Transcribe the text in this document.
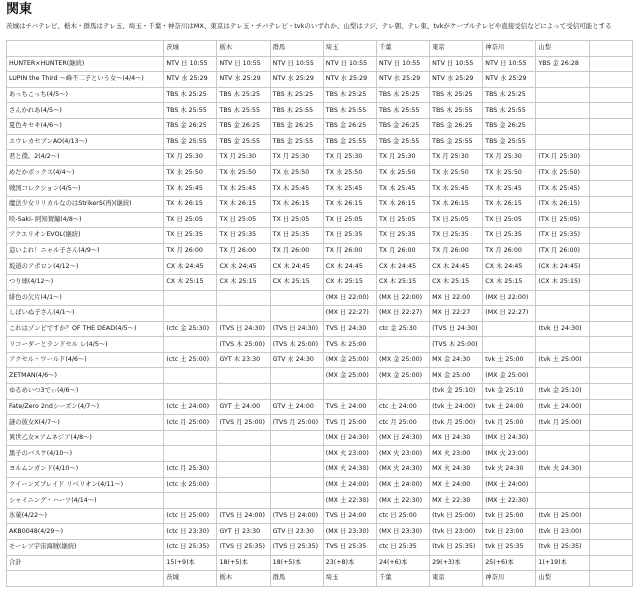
関東
茨城はチバテレビ、栃木・群馬はテレ玉、埼玉・千葉・神奈川はMX、東京はテレ玉・チバテレビ・tvkのいずれか、山梨はフジ、テレ朝、テレ東、tvkがケーブルテレビや直接受信などによって受信可能とする
	茨城	栃木	群馬	埼玉	千葉	東京	神奈川	山梨	
HUNTER×HUNTER(継続)	NTV 日 10:55	NTV 日 10:55	NTV 日 10:55	NTV 日 10:55	NTV 日 10:55	NTV 日 10:55	NTV 日 10:55	YBS 金 26:28	
LUPIN the Third 〜峰不二子という女〜(4/4〜)	NTV 水 25:29	NTV 水 25:29	NTV 水 25:29	NTV 水 25:29	NTV 水 25:29	NTV 水 25:29	NTV 水 25:29		
あっちこっち(4/5〜)	TBS 木 25:25	TBS 木 25:25	TBS 木 25:25	TBS 木 25:25	TBS 木 25:25	TBS 木 25:25	TBS 木 25:25		
さんかれあ(4/5〜)	TBS 木 25:55	TBS 木 25:55	TBS 木 25:55	TBS 木 25:55	TBS 木 25:55	TBS 木 25:55	TBS 木 25:55		
夏色キセキ(4/6〜)	TBS 金 26:25	TBS 金 26:25	TBS 金 26:25	TBS 金 26:25	TBS 金 26:25	TBS 金 26:25	TBS 金 26:25		
エウレカセブンAO(4/13〜)	TBS 金 25:55	TBS 金 25:55	TBS 金 25:55	TBS 金 25:55	TBS 金 25:55	TBS 金 25:55	TBS 金 25:55		
君と僕。2(4/2〜)	TX 月 25:30	TX 月 25:30	TX 月 25:30	TX 月 25:30	TX 月 25:30	TX 月 25:30	TX 月 25:30	(TX 月 25:30)	
めだかボックス(4/4〜)	TX 水 25:50	TX 水 25:50	TX 水 25:50	TX 水 25:50	TX 水 25:50	TX 水 25:50	TX 水 25:50	(TX 水 25:50)	
戦国コレクション(4/5〜)	TX 木 25:45	TX 木 25:45	TX 木 25:45	TX 木 25:45	TX 木 25:45	TX 木 25:45	TX 木 25:45	(TX 木 25:45)	
魔法少女リリカルなのはStrikerS(再)(継続)	TX 木 26:15	TX 木 26:15	TX 木 26:15	TX 木 26:15	TX 木 26:15	TX 木 26:15	TX 木 26:15	(TX 木 26:15)	
咲-Saki- 阿知賀編(4/8〜)	TX 日 25:05	TX 日 25:05	TX 日 25:05	TX 日 25:05	TX 日 25:05	TX 日 25:05	TX 日 25:05	(TX 日 25:05)	
アクエリオンEVOL(継続)	TX 日 25:35	TX 日 25:35	TX 日 25:35	TX 日 25:35	TX 日 25:35	TX 日 25:35	TX 日 25:35	(TX 日 25:35)	
這いよれ！ニャル子さん(4/9〜)	TX 月 26:00	TX 月 26:00	TX 月 26:00	TX 月 26:00	TX 月 26:00	TX 月 26:00	TX 月 26:00	(TX 月 26:00)	
坂道のアポロン(4/12〜)	CX 木 24:45	CX 木 24:45	CX 木 24:45	CX 木 24:45	CX 木 24:45	CX 木 24:45	CX 木 24:45	(CX 木 24:45)	
つり球(4/12〜)	CX 木 25:15	CX 木 25:15	CX 木 25:15	CX 木 25:15	CX 木 25:15	CX 木 25:15	CX 木 25:15	(CX 木 25:15)	
緋色の欠片(4/1〜)				(MX 日 22:00)	(MX 日 22:00)	MX 日 22:00	(MX 日 22:00)		
しばいぬ子さん(4/1〜)				(MX 日 22:27)	(MX 日 22:27)	MX 日 22:27	(MX 日 22:27)		
これはゾンビですか？OF THE DEAD(4/5〜)	(ctc 金 25:30)	(TVS 日 24:30)	(TVS 日 24:30)	TVS 日 24:30	ctc 金 25:30	(TVS 日 24:30)		(tvk 日 24:30)	
リコーダーとランドセル レ(4/5〜)		(TVS 木 25:00)	(TVS 木 25:00)	TVS 木 25:00		(TVS 木 25:00)			
アクセル・ワールド(4/6〜)	(ctc 土 25:00)	GYT 木 23:30	GTV 水 24:30	(MX 金 25:00)	(MX 金 25:00)	MX 金 24:30	tvk 土 25:00	(tvk 土 25:00)	
ZETMAN(4/6〜)				(MX 金 25:00)	(MX 金 25:00)	MX 金 25:00	(MX 金 25:00)		
ゆるめいつ3でぃ(4/6〜)						(tvk 金 25:10)	tvk 金 25:10	(tvk 金 25:10)	
Fate/Zero 2ndシーズン(4/7〜)	(ctc 土 24:00)	GYT 土 24:00	GTV 土 24:00	TVS 土 24:00	ctc 土 24:00	(tvk 土 24:00)	tvk 土 24:00	(tvk 土 24:00)	
謎の彼女X(4/7〜)	(ctc 月 25:00)	(TVS 月 25:00)	(TVS 月 25:00)	TVS 月 25:00	ctc 月 25:00	(tvk 月 25:00)	tvk 月 25:00	(tvk 月 25:00)	
異世乙女×アムネジア(4/8〜)				(MX 日 24:30)	(MX 日 24:30)	MX 日 24:30	(MX 日 24:30)		
黒子のバスケ(4/10〜)				(MX 火 23:00)	(MX 火 23:00)	MX 火 23:00	(MX 火 23:00)		
ヨルムンガンド(4/10〜)	(ctc 月 25:30)			(MX 火 24:30)	(MX 火 24:30)	MX 火 24:30	tvk 火 24:30	(tvk 火 24:30)	
クイーンズブレイド リベリオン(4/11〜)	(ctc 水 25:00)			(MX 土 24:00)	(MX 土 24:00)	MX 土 24:00	(MX 土 24:00)		
シャイニング・ハーツ(4/14〜)				(MX 土 22:30)	(MX 土 22:30)	MX 土 22:30	(MX 土 22:30)		
氷菓(4/22〜)	(ctc 日 25:00)	(TVS 日 24:00)	(TVS 日 24:00)	TVS 日 24:00	ctc 日 25:00	(tvk 日 25:00)	tvk 日 25:00	(tvk 日 25:00)	
AKB0048(4/29〜)	(ctc 日 23:30)	GYT 日 23:30	GTV 日 23:30	(MX 日 23:30)	(MX 日 23:30)	(tvk 日 23:00)	tvk 日 23:00	(tvk 日 23:00)	
モーレツ宇宙海賊(継続)	(ctc 日 25:35)	(TVS 日 25:35)	(TVS 日 25:35)	TVS 日 25:35	ctc 日 25:35	(tvk 日 25:35)	tvk 日 25:35	(tvk 日 25:35)	
合計	15(+9)本	18(+5)本	18(+5)本	23(+8)本	24(+6)本	29(+3)本	25(+6)本	1(+19)本	
	茨城	栃木	群馬	埼玉	千葉	東京	神奈川	山梨	
